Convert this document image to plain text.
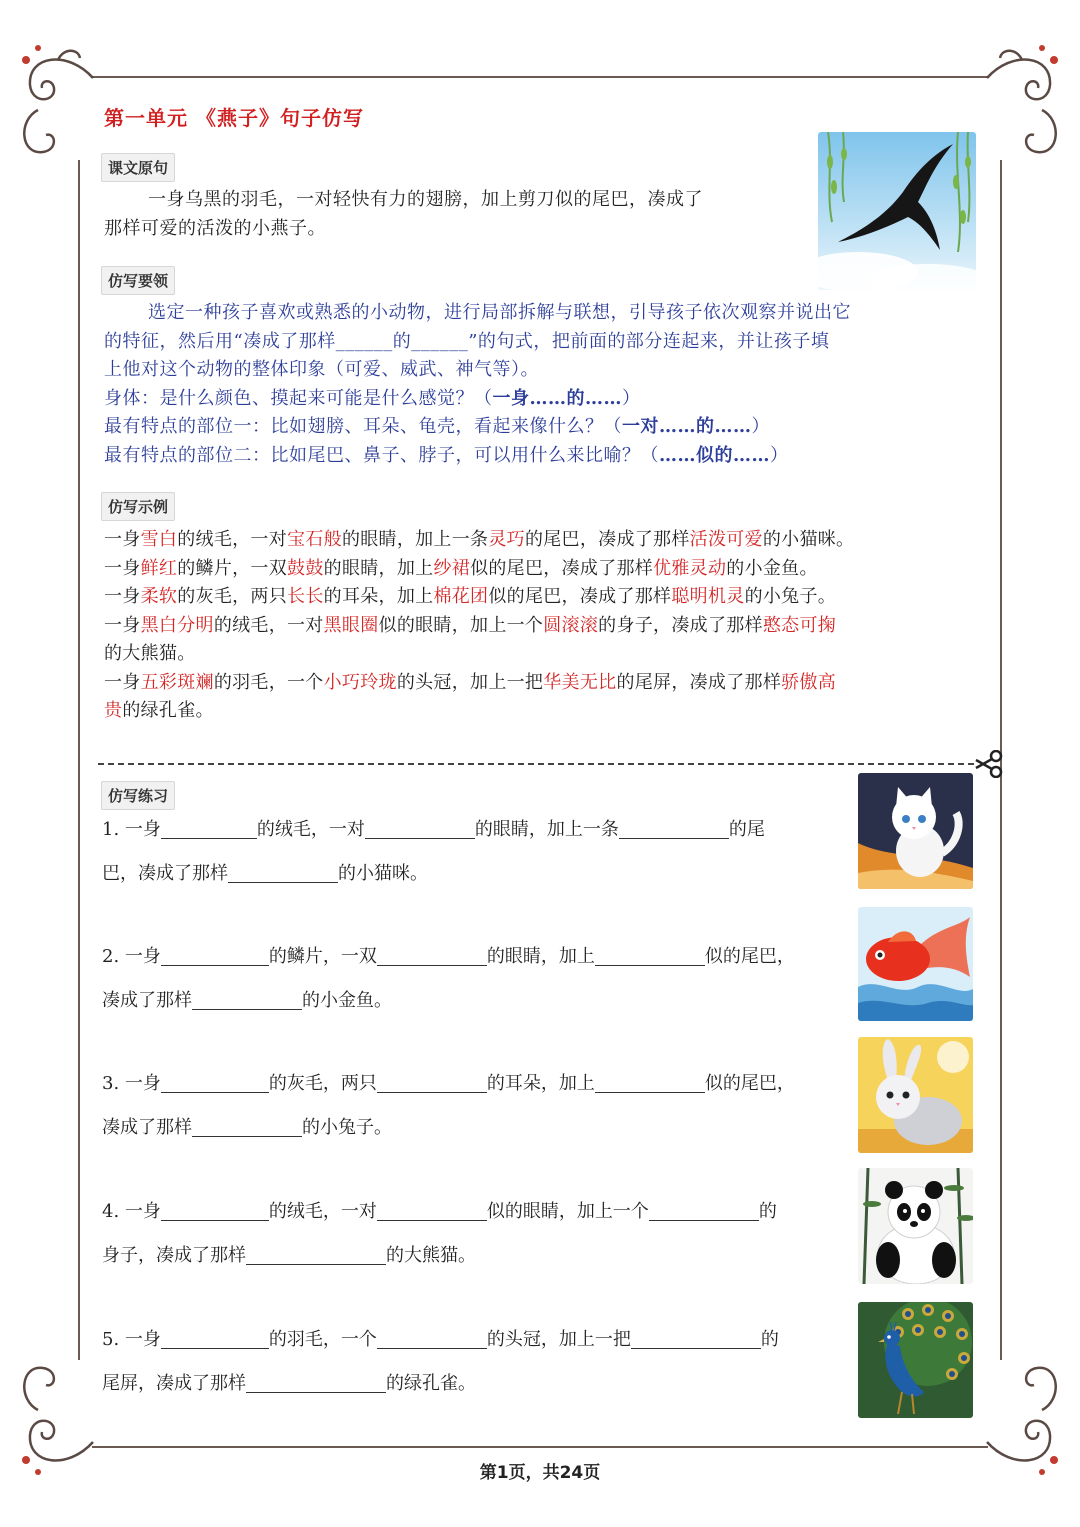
第一单元 《燕子》句子仿写
课文原句
一身乌黑的羽毛，一对轻快有力的翅膀，加上剪刀似的尾巴，凑成了
那样可爱的活泼的小燕子。
仿写要领
选定一种孩子喜欢或熟悉的小动物，进行局部拆解与联想，引导孩子依次观察并说出它
的特征，然后用“凑成了那样______的______”的句式，把前面的部分连起来，并让孩子填
上他对这个动物的整体印象（可爱、威武、神气等）。
身体：是什么颜色、摸起来可能是什么感觉？（一身……的……）
最有特点的部位一：比如翅膀、耳朵、龟壳，看起来像什么？（一对……的……）
最有特点的部位二：比如尾巴、鼻子、脖子，可以用什么来比喻？（……似的……）
仿写示例
一身雪白的绒毛，一对宝石般的眼睛，加上一条灵巧的尾巴，凑成了那样活泼可爱的小猫咪。
一身鲜红的鳞片，一双鼓鼓的眼睛，加上纱裙似的尾巴，凑成了那样优雅灵动的小金鱼。
一身柔软的灰毛，两只长长的耳朵，加上棉花团似的尾巴，凑成了那样聪明机灵的小兔子。
一身黑白分明的绒毛，一对黑眼圈似的眼睛，加上一个圆滚滚的身子，凑成了那样憨态可掬
的大熊猫。
一身五彩斑斓的羽毛，一个小巧玲珑的头冠，加上一把华美无比的尾屏，凑成了那样骄傲高
贵的绿孔雀。
仿写练习
1. 一身	的绒毛，一对	的眼睛，加上一条	的尾
巴，凑成了那样	的小猫咪。
2. 一身	的鳞片，一双	的眼睛，加上	似的尾巴，
凑成了那样	的小金鱼。
3. 一身	的灰毛，两只	的耳朵，加上	似的尾巴，
凑成了那样	的小兔子。
4. 一身	的绒毛，一对	似的眼睛，加上一个	的
身子，凑成了那样	的大熊猫。
5. 一身	的羽毛，一个	的头冠，加上一把	的
尾屏，凑成了那样	的绿孔雀。
第1页，共24页
